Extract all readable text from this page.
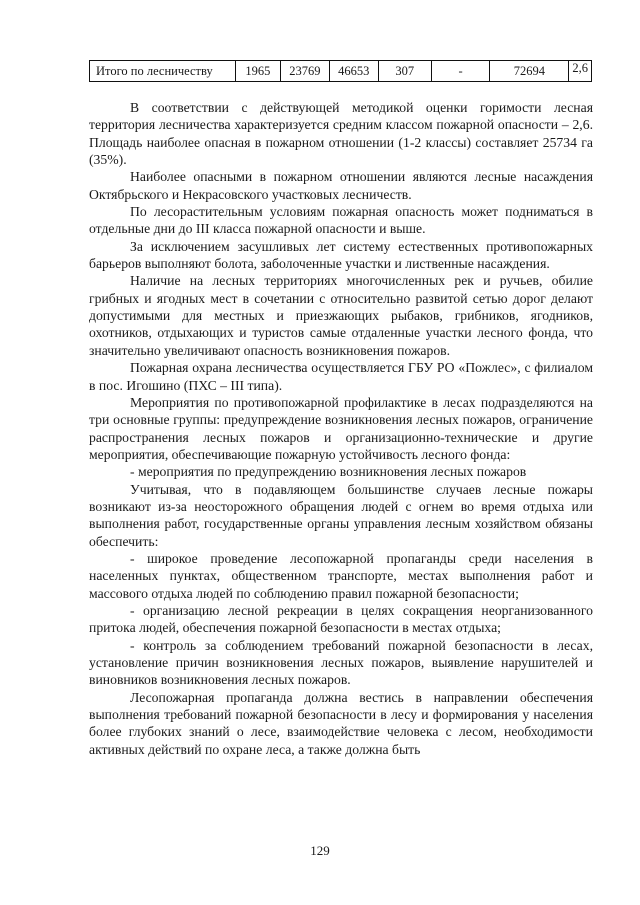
Итого по лесничеству	1965	23769	46653	307	-	72694	2,6

В соответствии с действующей методикой оценки горимости лесная территория лесничества характеризуется средним классом пожарной опасности – 2,6. Площадь наиболее опасная в пожарном отношении (1-2 классы) составляет 25734 га (35%).

Наиболее опасными в пожарном отношении являются лесные насаждения Октябрьского и Некрасовского участковых лесничеств.

По лесорастительным условиям пожарная опасность может подниматься в отдельные дни до III класса пожарной опасности и выше.

За исключением засушливых лет систему естественных противопожарных барьеров выполняют болота, заболоченные участки и лиственные насаждения.

Наличие на лесных территориях многочисленных рек и ручьев, обилие грибных и ягодных мест в сочетании с относительно развитой сетью дорог делают допустимыми для местных и приезжающих рыбаков, грибников, ягодников, охотников, отдыхающих и туристов самые отдаленные участки лесного фонда, что значительно увеличивают опасность возникновения пожаров.

Пожарная охрана лесничества осуществляется ГБУ РО «Пожлес», с филиалом в пос. Игошино (ПХС – III типа).

Мероприятия по противопожарной профилактике в лесах подразделяются на три основные группы: предупреждение возникновения лесных пожаров, ограничение распространения лесных пожаров и организационно-технические и другие мероприятия, обеспечивающие пожарную устойчивость лесного фонда:

- мероприятия по предупреждению возникновения лесных пожаров

Учитывая, что в подавляющем большинстве случаев лесные пожары возникают из-за неосторожного обращения людей с огнем во время отдыха или выполнения работ, государственные органы управления лесным хозяйством обязаны обеспечить:

- широкое проведение лесопожарной пропаганды среди населения в населенных пунктах, общественном транспорте, местах выполнения работ и массового отдыха людей по соблюдению правил пожарной безопасности;

- организацию лесной рекреации в целях сокращения неорганизованного притока людей, обеспечения пожарной безопасности в местах отдыха;

- контроль за соблюдением требований пожарной безопасности в лесах, установление причин возникновения лесных пожаров, выявление нарушителей и виновников возникновения лесных пожаров.

Лесопожарная пропаганда должна вестись в направлении обеспечения выполнения требований пожарной безопасности в лесу и формирования у населения более глубоких знаний о лесе, взаимодействие человека с лесом, необходимости активных действий по охране леса, а также должна быть

129
